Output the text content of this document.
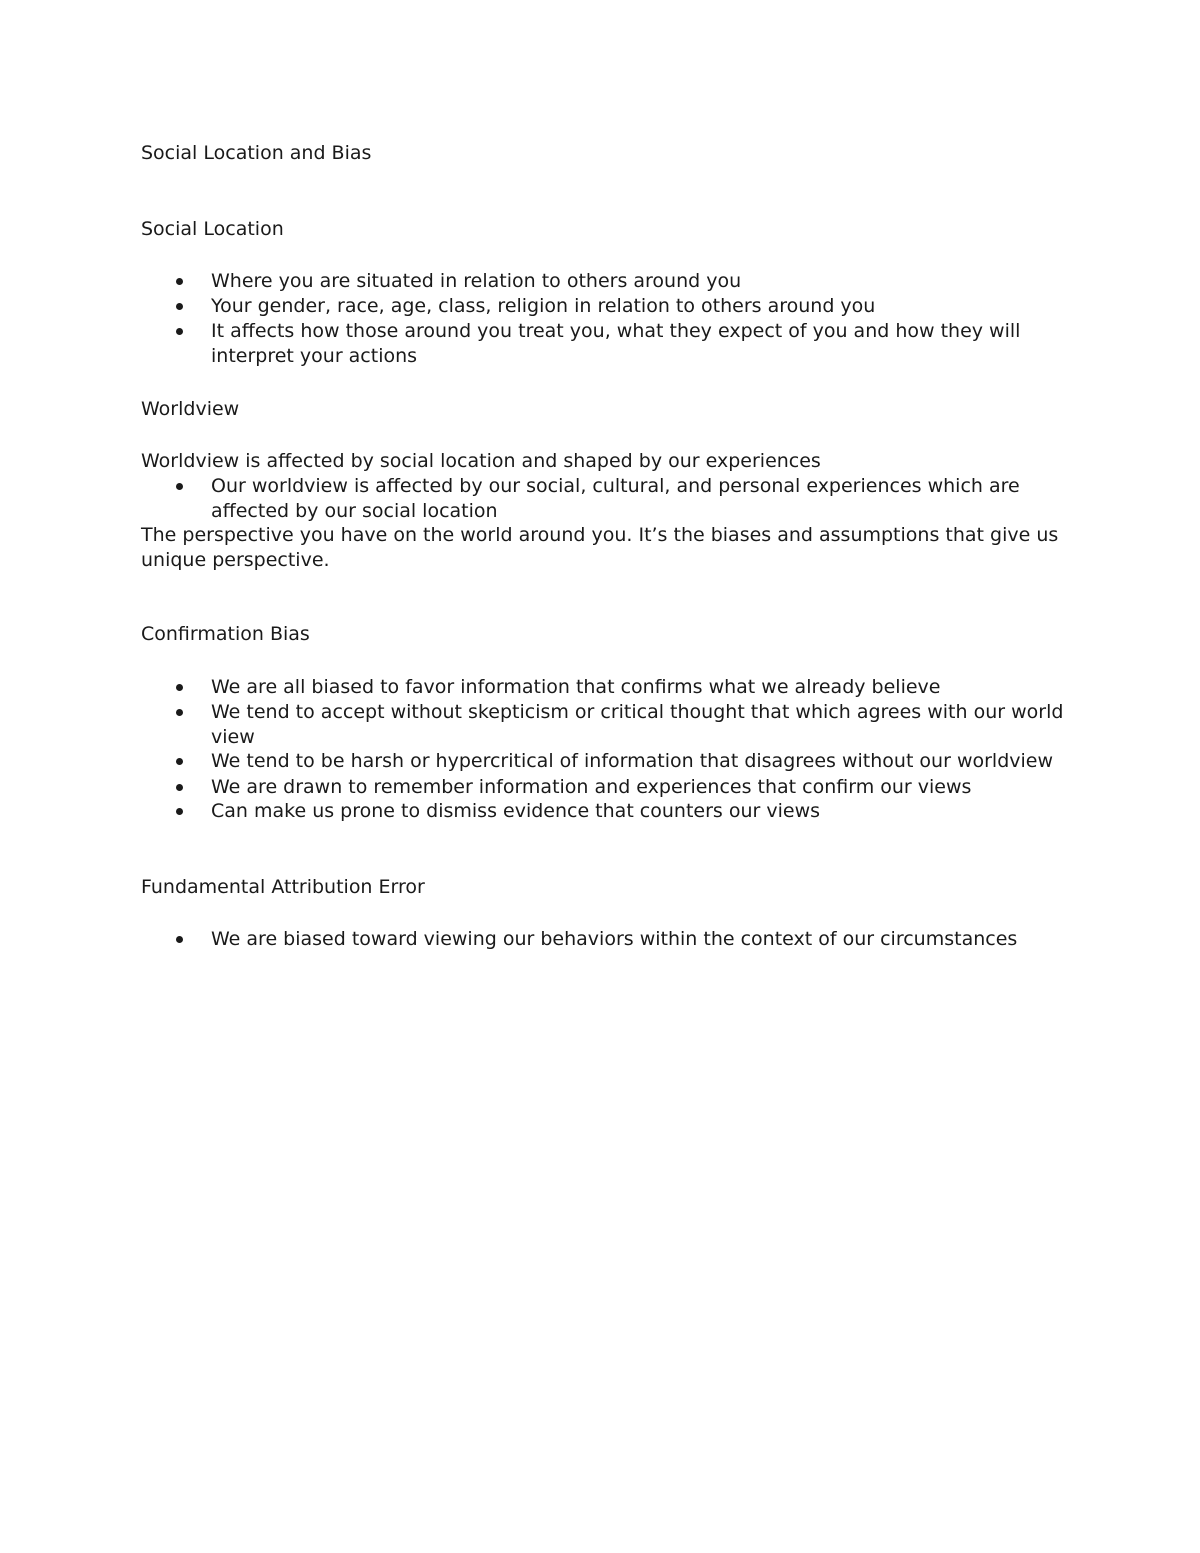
Social Location and Bias
Social Location
Where you are situated in relation to others around you
Your gender, race, age, class, religion in relation to others around you
It affects how those around you treat you, what they expect of you and how they will interpret your actions
Worldview
Worldview is affected by social location and shaped by our experiences
Our worldview is affected by our social, cultural, and personal experiences which are affected by our social location
The perspective you have on the world around you. It’s the biases and assumptions that give us unique perspective.
Confirmation Bias
We are all biased to favor information that confirms what we already believe
We tend to accept without skepticism or critical thought that which agrees with our world view
We tend to be harsh or hypercritical of information that disagrees without our worldview
We are drawn to remember information and experiences that confirm our views
Can make us prone to dismiss evidence that counters our views
Fundamental Attribution Error
We are biased toward viewing our behaviors within the context of our circumstances
